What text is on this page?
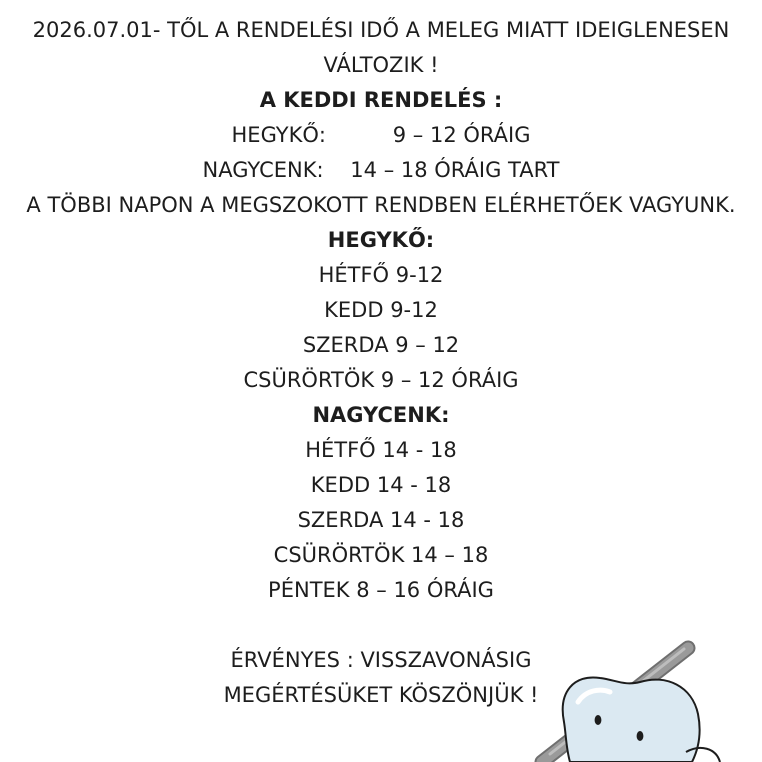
2026.07.01- TŐL A RENDELÉSI IDŐ A MELEG MIATT IDEIGLENESEN
VÁLTOZIK !
A KEDDI RENDELÉS :
HEGYKŐ:          9 – 12 ÓRÁIG
NAGYCENK:    14 – 18 ÓRÁIG TART
A TÖBBI NAPON A MEGSZOKOTT RENDBEN ELÉRHETŐEK VAGYUNK.
HEGYKŐ:
HÉTFŐ 9-12
KEDD 9-12
SZERDA 9 – 12
CSÜRÖRTÖK 9 – 12 ÓRÁIG
NAGYCENK:
HÉTFŐ 14 - 18
KEDD 14 - 18
SZERDA 14 - 18
CSÜRÖRTÖK 14 – 18
PÉNTEK 8 – 16 ÓRÁIG
ÉRVÉNYES : VISSZAVONÁSIG
MEGÉRTÉSÜKET KÖSZÖNJÜK !
